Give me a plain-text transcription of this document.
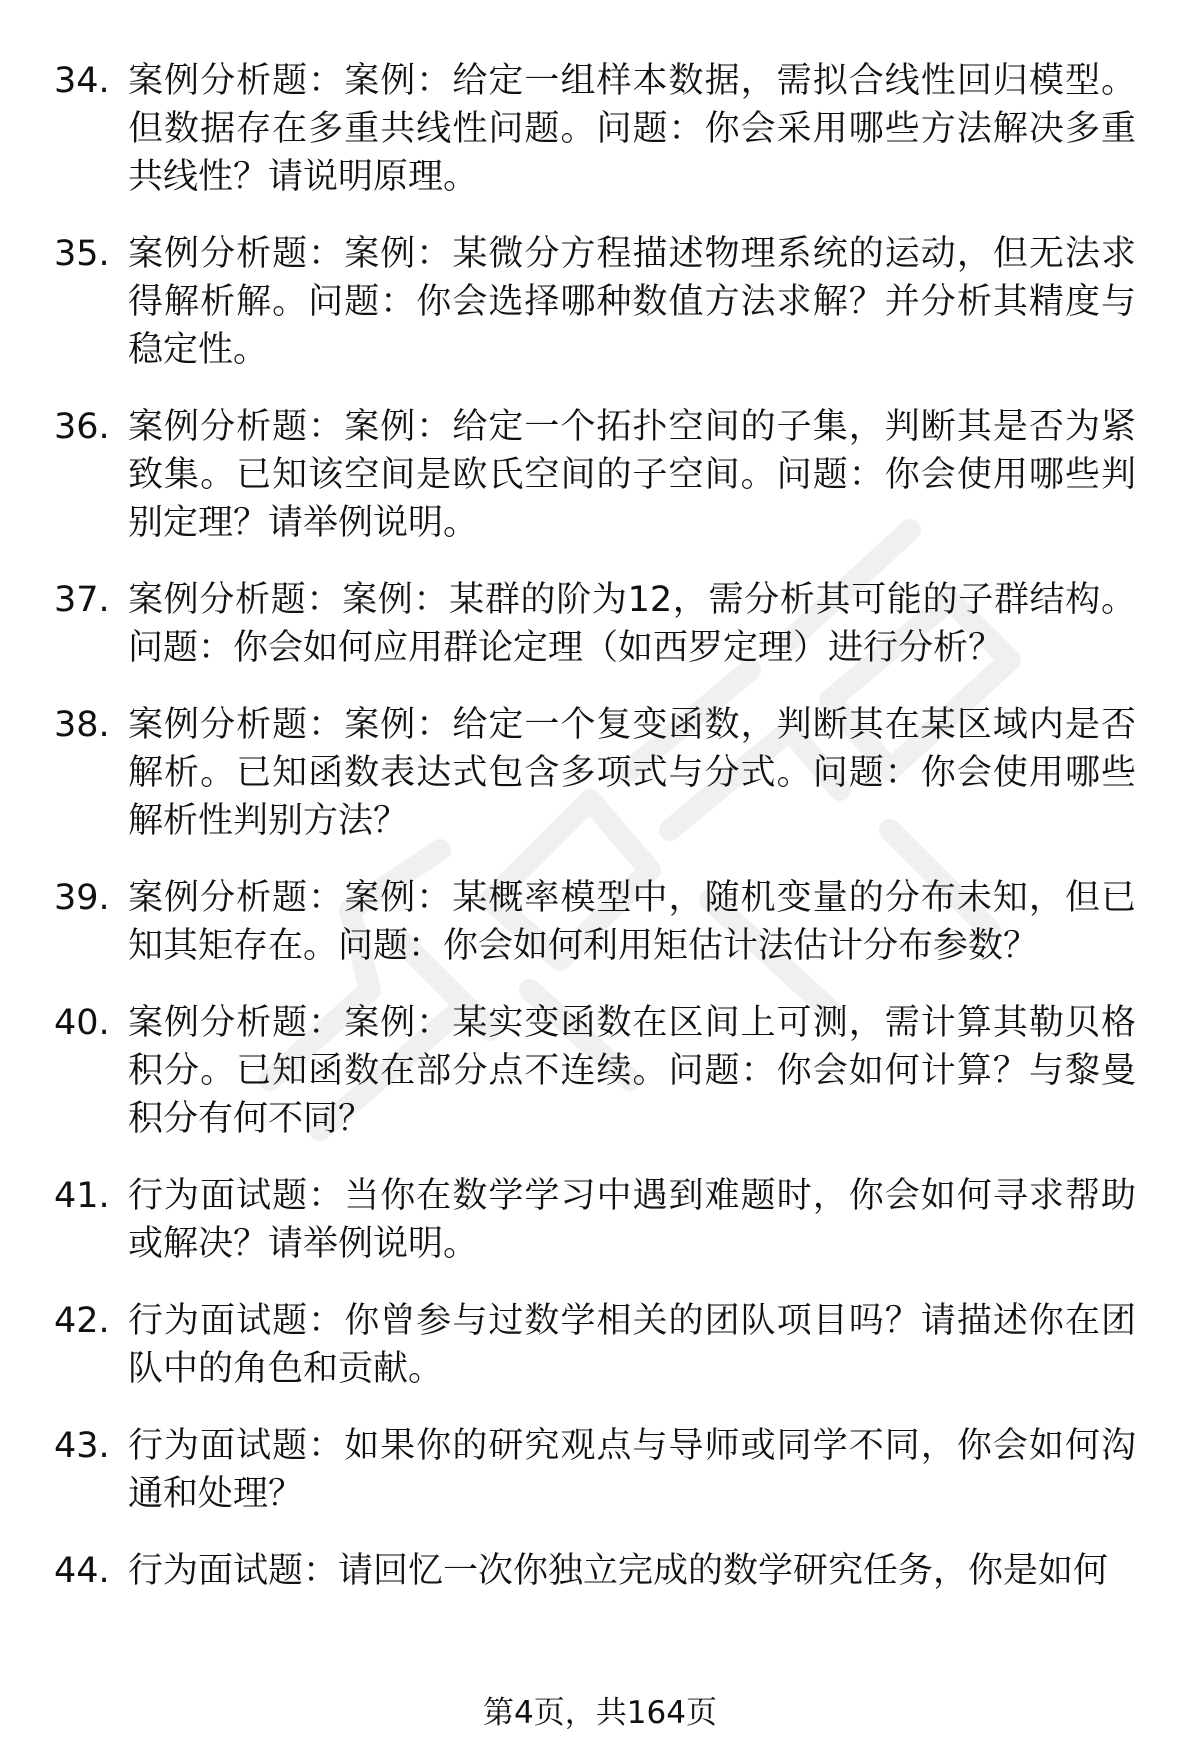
34. 案例分析题：案例：给定一组样本数据，需拟合线性回归模型。但数据存在多重共线性问题。问题：你会采用哪些方法解决多重共线性？请说明原理。
35. 案例分析题：案例：某微分方程描述物理系统的运动，但无法求得解析解。问题：你会选择哪种数值方法求解？并分析其精度与稳定性。
36. 案例分析题：案例：给定一个拓扑空间的子集，判断其是否为紧致集。已知该空间是欧氏空间的子空间。问题：你会使用哪些判别定理？请举例说明。
37. 案例分析题：案例：某群的阶为12，需分析其可能的子群结构。问题：你会如何应用群论定理（如西罗定理）进行分析？
38. 案例分析题：案例：给定一个复变函数，判断其在某区域内是否解析。已知函数表达式包含多项式与分式。问题：你会使用哪些解析性判别方法？
39. 案例分析题：案例：某概率模型中，随机变量的分布未知，但已知其矩存在。问题：你会如何利用矩估计法估计分布参数？
40. 案例分析题：案例：某实变函数在区间上可测，需计算其勒贝格积分。已知函数在部分点不连续。问题：你会如何计算？与黎曼积分有何不同？
41. 行为面试题：当你在数学学习中遇到难题时，你会如何寻求帮助或解决？请举例说明。
42. 行为面试题：你曾参与过数学相关的团队项目吗？请描述你在团队中的角色和贡献。
43. 行为面试题：如果你的研究观点与导师或同学不同，你会如何沟通和处理？
44. 行为面试题：请回忆一次你独立完成的数学研究任务，你是如何
第4页，共164页
